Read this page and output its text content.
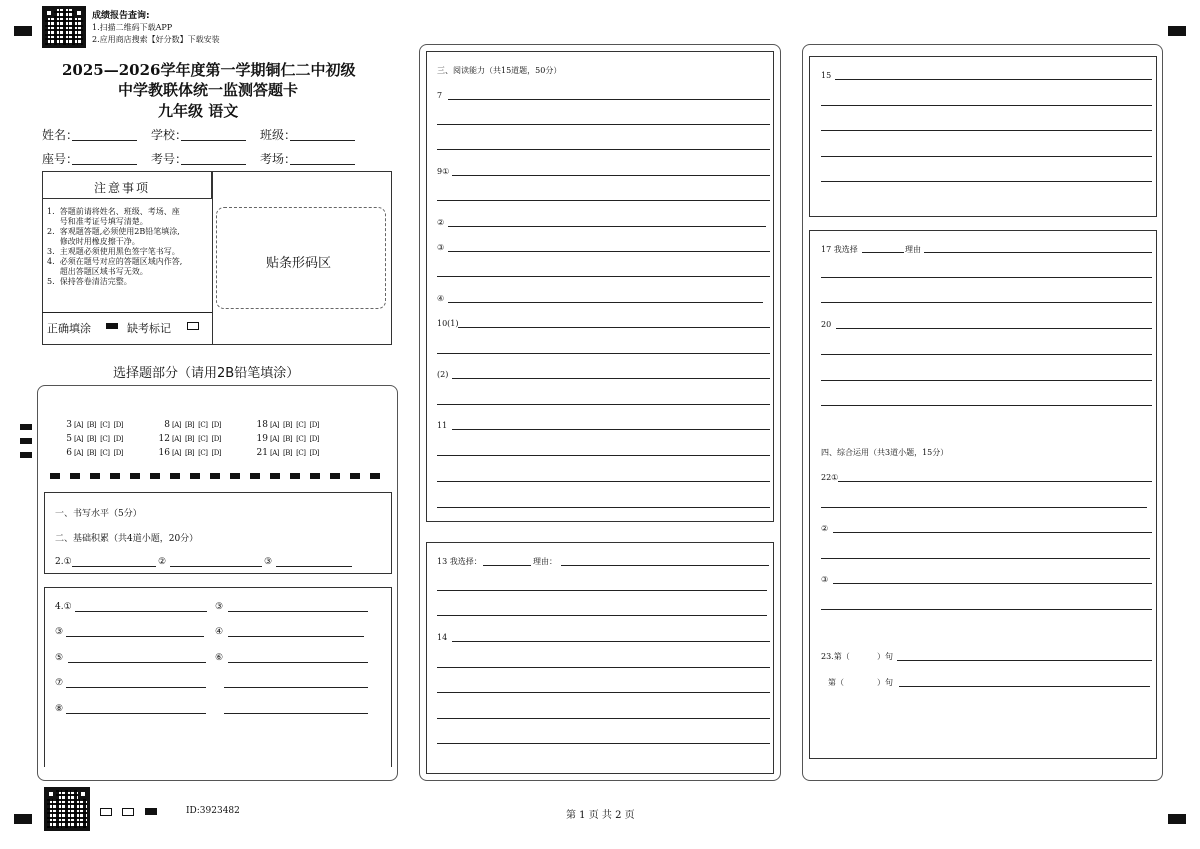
成绩报告查询:
1.扫描二维码下载APP
2.应用商店搜索【好分数】下载安装
2025—2026学年度第一学期铜仁二中初级
中学教联体统一监测答题卡
九年级 语文
姓名：	学校：	班级：
座号：	考号：	考场：
注意事项
1.  答题前请将姓名、班级、考场、座
号和准考证号填写清楚。
2.  客观题答题,必须使用2B铅笔填涂,
修改时用橡皮擦干净。
3.  主观题必须使用黑色签字笔书写。
4.  必须在题号对应的答题区域内作答,
超出答题区域书写无效。
5.  保持答卷清洁完整。
正确填涂	缺考标记
贴条形码区
选择题部分（请用2B铅笔填涂）
3 [A] [B] [C] [D]	8 [A] [B] [C] [D]	18 [A] [B] [C] [D]
5 [A] [B] [C] [D]	12 [A] [B] [C] [D]	19 [A] [B] [C] [D]
6 [A] [B] [C] [D]	16 [A] [B] [C] [D]	21 [A] [B] [C] [D]
一、书写水平（5分）
二、基础积累（共4道小题，20分）
2.①	②	③
4.①	③
③	④
⑤	⑥
⑦
⑧
ID:3923482	第 1 页 共 2 页
三、阅读能力（共15道题，50分）
7
9①
②
③
④
10(1)
(2)
11
13 我选择：	理由：
14
15
17 我选择	理由
20
四、综合运用（共3道小题，15分）
22①
②
③
23.第（	）句
第（	）句
